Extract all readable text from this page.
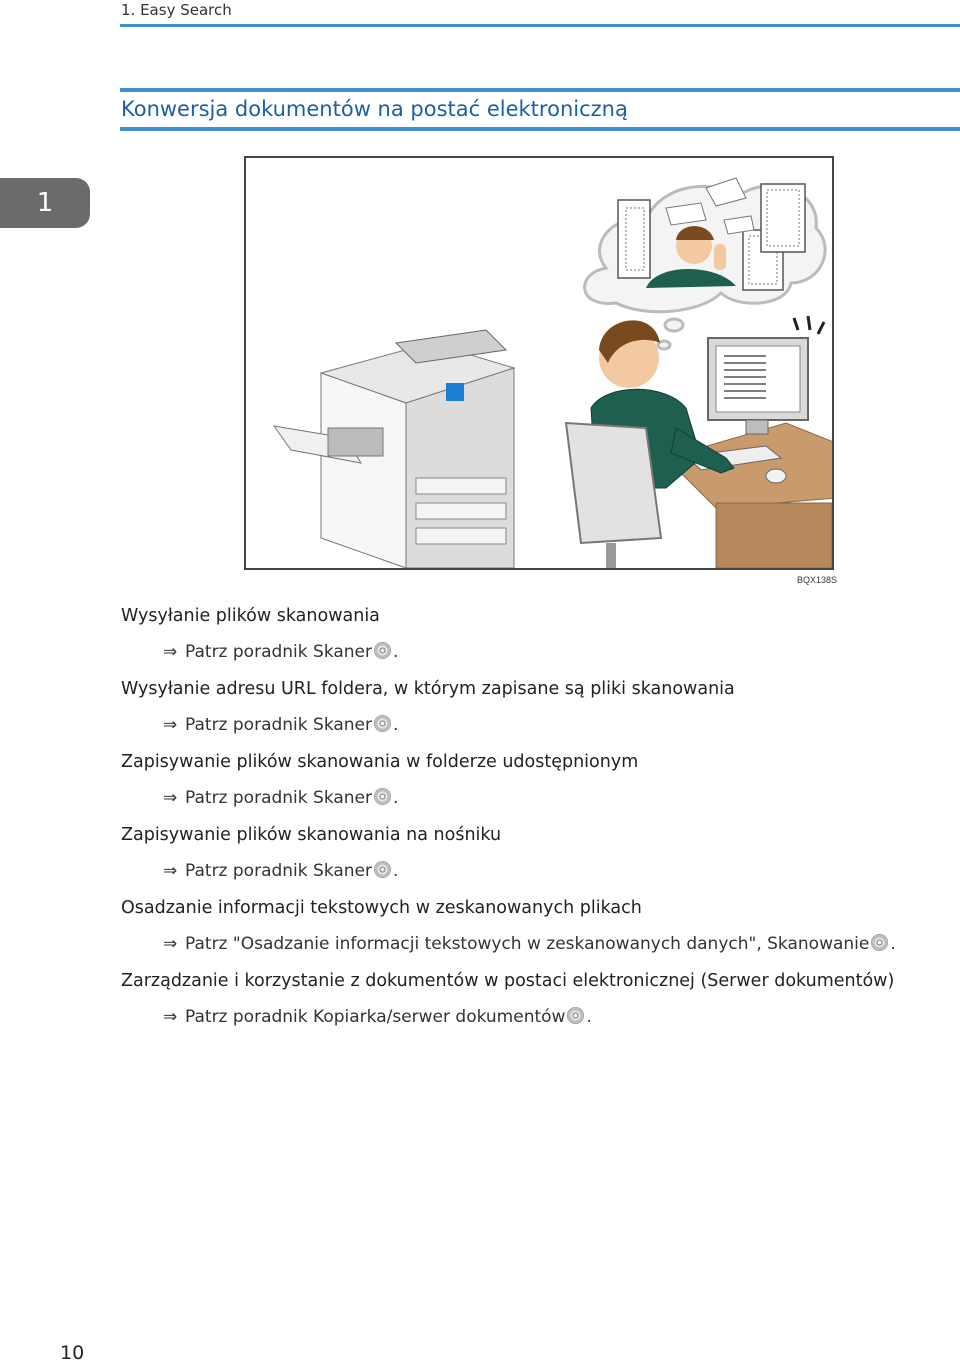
1. Easy Search
Konwersja dokumentów na postać elektroniczną
1
BQX138S
Wysyłanie plików skanowania
⇒ Patrz poradnik Skaner .
Wysyłanie adresu URL foldera, w którym zapisane są pliki skanowania
⇒ Patrz poradnik Skaner .
Zapisywanie plików skanowania w folderze udostępnionym
⇒ Patrz poradnik Skaner .
Zapisywanie plików skanowania na nośniku
⇒ Patrz poradnik Skaner .
Osadzanie informacji tekstowych w zeskanowanych plikach
⇒ Patrz "Osadzanie informacji tekstowych w zeskanowanych danych", Skanowanie .
Zarządzanie i korzystanie z dokumentów w postaci elektronicznej (Serwer dokumentów)
⇒ Patrz poradnik Kopiarka/serwer dokumentów .
10
